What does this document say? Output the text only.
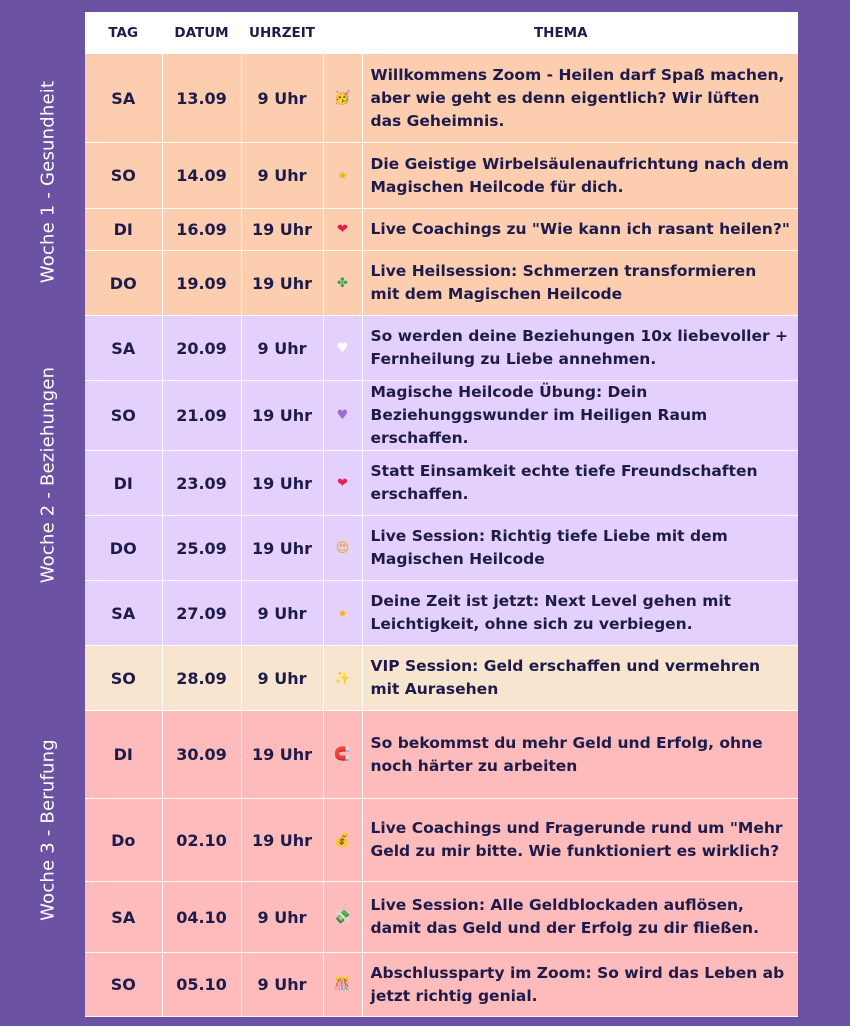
Woche 1 - Gesundheit
Woche 2 - Beziehungen
Woche 3 - Berufung
TAG	DATUM	UHRZEIT	THEMA	
SA	13.09	9 Uhr	🥳	Willkommens Zoom - Heilen darf Spaß machen, aber wie geht es denn eigentlich? Wir lüften das Geheimnis.
SO	14.09	9 Uhr	★	Die Geistige Wirbelsäulenaufrichtung nach dem Magischen Heilcode für dich.
DI	16.09	19 Uhr	❤	Live Coachings zu "Wie kann ich rasant heilen?"
DO	19.09	19 Uhr	✤	Live Heilsession: Schmerzen transformieren mit dem Magischen Heilcode
SA	20.09	9 Uhr	♥	So werden deine Beziehungen 10x liebevoller + Fernheilung zu Liebe annehmen.
SO	21.09	19 Uhr	♥	Magische Heilcode Übung: Dein Beziehunggswunder im Heiligen Raum erschaffen.
DI	23.09	19 Uhr	❤	Statt Einsamkeit echte tiefe Freundschaften erschaffen.
DO	25.09	19 Uhr	😍	Live Session: Richtig tiefe Liebe mit dem Magischen Heilcode
SA	27.09	9 Uhr	★	Deine Zeit ist jetzt: Next Level gehen mit Leichtigkeit, ohne sich zu verbiegen.
SO	28.09	9 Uhr	✨	VIP Session: Geld erschaffen und vermehren mit Aurasehen
DI	30.09	19 Uhr	🧲	So bekommst du mehr Geld und Erfolg, ohne noch härter zu arbeiten
Do	02.10	19 Uhr	💰	Live Coachings und Fragerunde rund um "Mehr Geld zu mir bitte. Wie funktioniert es wirklich?
SA	04.10	9 Uhr	💸	Live Session: Alle Geldblockaden auflösen, damit das Geld und der Erfolg zu dir fließen.
SO	05.10	9 Uhr	🎊	Abschlussparty im Zoom: So wird das Leben ab jetzt richtig genial.
